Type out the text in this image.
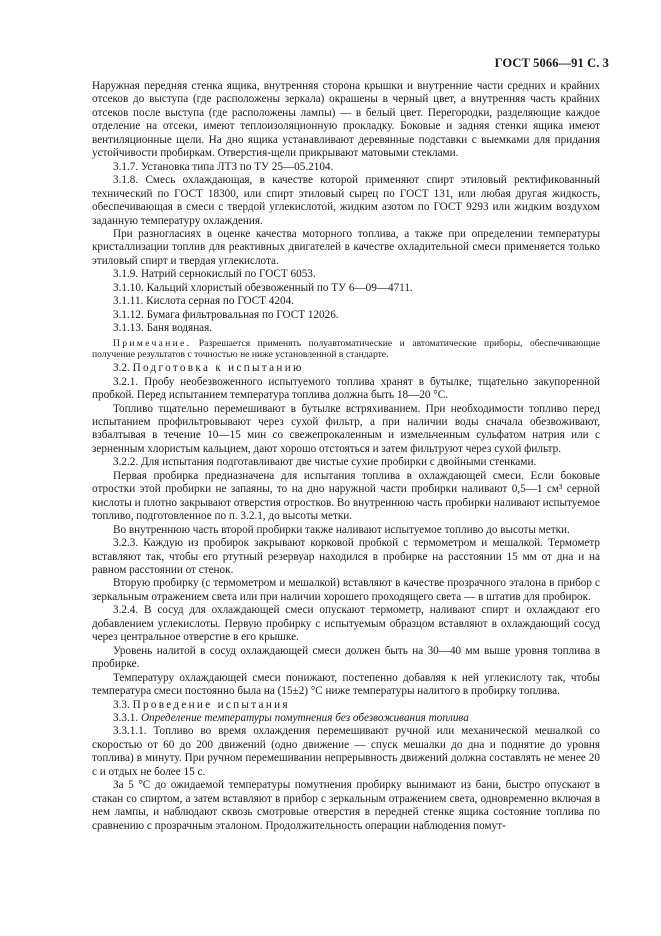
ГОСТ 5066—91 С. 3

Наружная передняя стенка ящика, внутренняя сторона крышки и внутренние части средних и крайних отсеков до выступа (где расположены зеркала) окрашены в черный цвет, а внутренняя часть крайних отсеков после выступа (где расположены лампы) — в белый цвет. Перегородки, разделяющие каждое отделение на отсеки, имеют теплоизоляционную прокладку. Боковые и задняя стенки ящика имеют вентиляционные щели. На дно ящика устанавливают деревянные подставки с выемками для придания устойчивости пробиркам. Отверстия-щели прикрывают матовыми стеклами.

3.1.7. Установка типа ЛТЗ по ТУ 25—05.2104.

3.1.8. Смесь охлаждающая, в качестве которой применяют спирт этиловый ректификованный технический по ГОСТ 18300, или спирт этиловый сырец по ГОСТ 131, или любая другая жидкость, обеспечивающая в смеси с твердой углекислотой, жидким азотом по ГОСТ 9293 или жидким воздухом заданную температуру охлаждения.

При разногласиях в оценке качества моторного топлива, а также при определении температуры кристаллизации топлив для реактивных двигателей в качестве охладительной смеси применяется только этиловый спирт и твердая углекислота.

3.1.9. Натрий сернокислый по ГОСТ 6053.

3.1.10. Кальций хлористый обезвоженный по ТУ 6—09—4711.

3.1.11. Кислота серная по ГОСТ 4204.

3.1.12. Бумага фильтровальная по ГОСТ 12026.

3.1.13. Баня водяная.

Примечание. Разрешается применять полуавтоматические и автоматические приборы, обеспечивающие получение результатов с точностью не ниже установленной в стандарте.

3.2. Подготовка к испытанию

3.2.1. Пробу необезвоженного испытуемого топлива хранят в бутылке, тщательно закупоренной пробкой. Перед испытанием температура топлива должна быть 18—20 °С.

Топливо тщательно перемешивают в бутылке встряхиванием. При необходимости топливо перед испытанием профильтровывают через сухой фильтр, а при наличии воды сначала обезвоживают, взбалтывая в течение 10—15 мин со свежепрокаленным и измельченным сульфатом натрия или с зерненным хлористым кальцием, дают хорошо отстояться и затем фильтруют через сухой фильтр.

3.2.2. Для испытания подготавливают две чистые сухие пробирки с двойными стенками.

Первая пробирка предназначена для испытания топлива в охлаждающей смеси. Если боковые отростки этой пробирки не запаяны, то на дно наружной части пробирки наливают 0,5—1 см³ серной кислоты и плотно закрывают отверстия отростков. Во внутреннюю часть пробирки наливают испытуемое топливо, подготовленное по п. 3.2.1, до высоты метки.

Во внутреннюю часть второй пробирки также наливают испытуемое топливо до высоты метки.

3.2.3. Каждую из пробирок закрывают корковой пробкой с термометром и мешалкой. Термометр вставляют так, чтобы его ртутный резервуар находился в пробирке на расстоянии 15 мм от дна и на равном расстоянии от стенок.

Вторую пробирку (с термометром и мешалкой) вставляют в качестве прозрачного эталона в прибор с зеркальным отражением света или при наличии хорошего проходящего света — в штатив для пробирок.

3.2.4. В сосуд для охлаждающей смеси опускают термометр, наливают спирт и охлаждают его добавлением углекислоты. Первую пробирку с испытуемым образцом вставляют в охлаждающий сосуд через центральное отверстие в его крышке.

Уровень налитой в сосуд охлаждающей смеси должен быть на 30—40 мм выше уровня топлива в пробирке.

Температуру охлаждающей смеси понижают, постепенно добавляя к ней углекислоту так, чтобы температура смеси постоянно была на (15±2) °С ниже температуры налитого в пробирку топлива.

3.3. Проведение испытания

3.3.1. Определение температуры помутнения без обезвоживания топлива

3.3.1.1. Топливо во время охлаждения перемешивают ручной или механической мешалкой со скоростью от 60 до 200 движений (одно движение — спуск мешалки до дна и поднятие до уровня топлива) в минуту. При ручном перемешивании непрерывность движений должна составлять не менее 20 с и отдых не более 15 с.

За 5 °С до ожидаемой температуры помутнения пробирку вынимают из бани, быстро опускают в стакан со спиртом, а затем вставляют в прибор с зеркальным отражением света, одновременно включая в нем лампы, и наблюдают сквозь смотровые отверстия в передней стенке ящика состояние топлива по сравнению с прозрачным эталоном. Продолжительность операции наблюдения помут-
